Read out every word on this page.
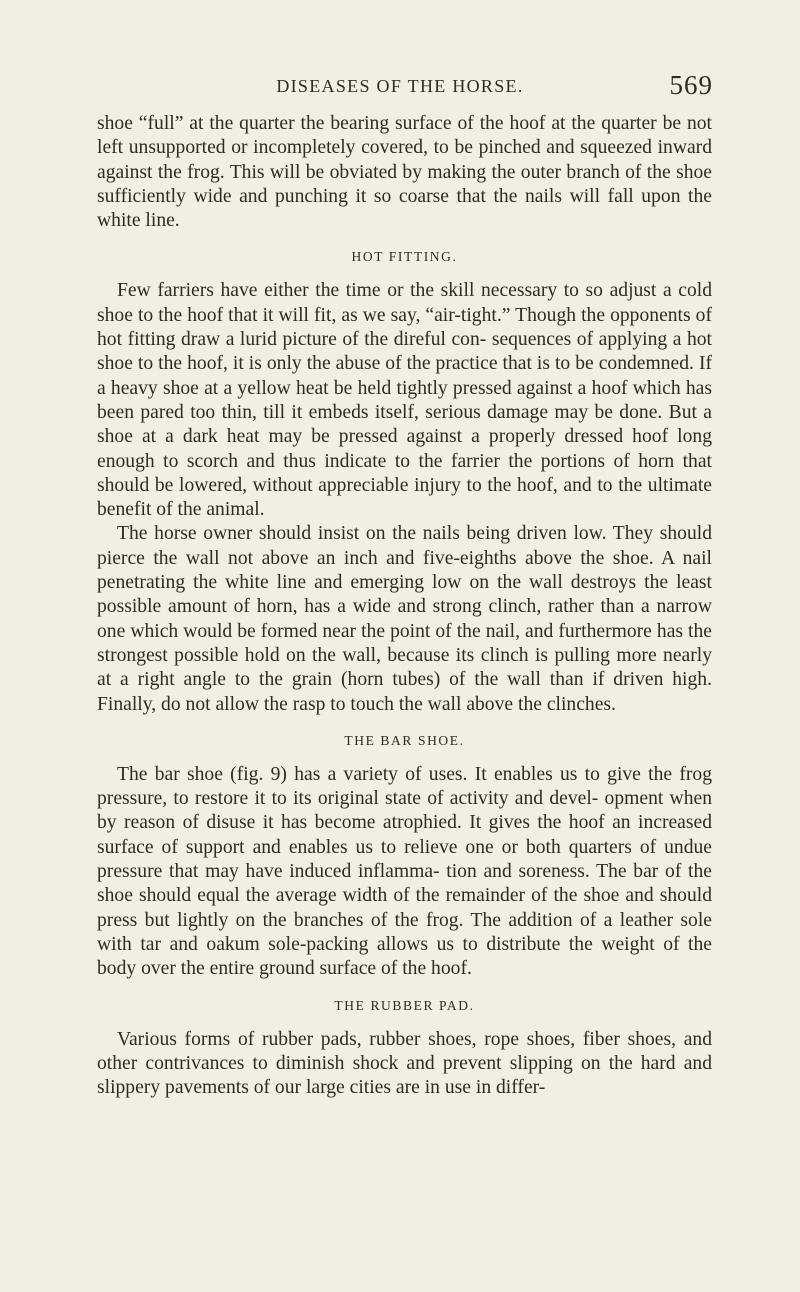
DISEASES OF THE HORSE.	569

shoe “full” at the quarter the bearing surface of the hoof at the quarter be not left unsupported or incompletely covered, to be pinched and squeezed inward against the frog. This will be obviated by making the outer branch of the shoe sufficiently wide and punching it so coarse that the nails will fall upon the white line.

HOT FITTING.

Few farriers have either the time or the skill necessary to so adjust a cold shoe to the hoof that it will fit, as we say, “air-tight.” Though the opponents of hot fitting draw a lurid picture of the direful con- sequences of applying a hot shoe to the hoof, it is only the abuse of the practice that is to be condemned. If a heavy shoe at a yellow heat be held tightly pressed against a hoof which has been pared too thin, till it embeds itself, serious damage may be done. But a shoe at a dark heat may be pressed against a properly dressed hoof long enough to scorch and thus indicate to the farrier the portions of horn that should be lowered, without appreciable injury to the hoof, and to the ultimate benefit of the animal.

The horse owner should insist on the nails being driven low. They should pierce the wall not above an inch and five-eighths above the shoe. A nail penetrating the white line and emerging low on the wall destroys the least possible amount of horn, has a wide and strong clinch, rather than a narrow one which would be formed near the point of the nail, and furthermore has the strongest possible hold on the wall, because its clinch is pulling more nearly at a right angle to the grain (horn tubes) of the wall than if driven high. Finally, do not allow the rasp to touch the wall above the clinches.

THE BAR SHOE.

The bar shoe (fig. 9) has a variety of uses. It enables us to give the frog pressure, to restore it to its original state of activity and devel- opment when by reason of disuse it has become atrophied. It gives the hoof an increased surface of support and enables us to relieve one or both quarters of undue pressure that may have induced inflamma- tion and soreness. The bar of the shoe should equal the average width of the remainder of the shoe and should press but lightly on the branches of the frog. The addition of a leather sole with tar and oakum sole-packing allows us to distribute the weight of the body over the entire ground surface of the hoof.

THE RUBBER PAD.

Various forms of rubber pads, rubber shoes, rope shoes, fiber shoes, and other contrivances to diminish shock and prevent slipping on the hard and slippery pavements of our large cities are in use in differ-
